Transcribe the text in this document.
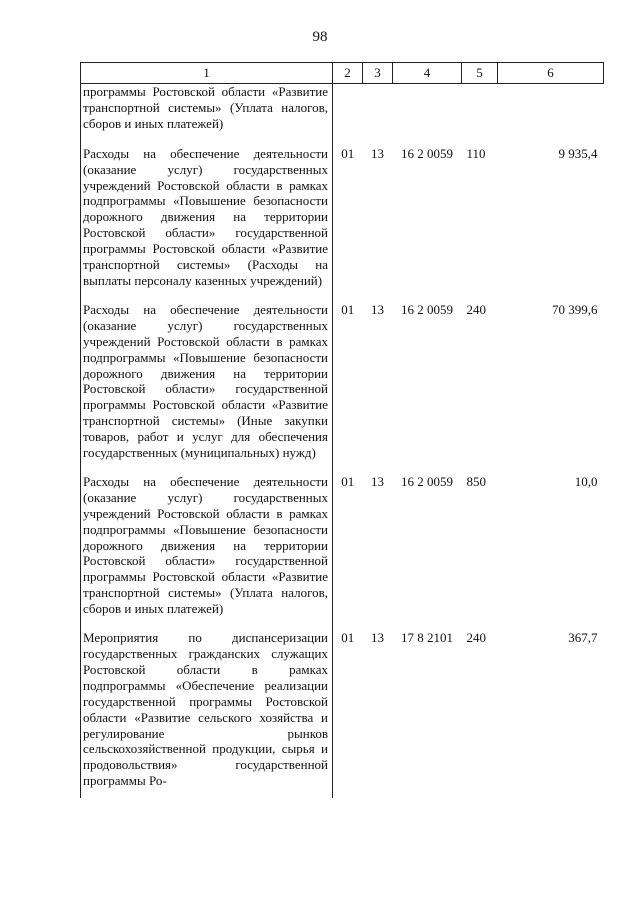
98
1	2	3	4	5	6
программы Ростовской области «Развитие транспортной системы» (Уплата налогов, сборов и иных платежей)					
Расходы на обеспечение деятельности (оказание услуг) государственных учреждений Ростовской области в рамках подпрограммы «Повышение безопасности дорожного движения на территории Ростовской области» государственной программы Ростовской области «Развитие транспортной системы» (Расходы на выплаты персоналу казенных учреждений)	01	13	16 2 0059	110	9 935,4
Расходы на обеспечение деятельности (оказание услуг) государственных учреждений Ростовской области в рамках подпрограммы «Повышение безопасности дорожного движения на территории Ростовской области» государственной программы Ростовской области «Развитие транспортной системы» (Иные закупки товаров, работ и услуг для обеспечения государственных (муниципальных) нужд)	01	13	16 2 0059	240	70 399,6
Расходы на обеспечение деятельности (оказание услуг) государственных учреждений Ростовской области в рамках подпрограммы «Повышение безопасности дорожного движения на территории Ростовской области» государственной программы Ростовской области «Развитие транспортной системы» (Уплата налогов, сборов и иных платежей)	01	13	16 2 0059	850	10,0
Мероприятия по диспансеризации государственных гражданских служащих Ростовской области в рамках подпрограммы «Обеспечение реализации государственной программы Ростовской области «Развитие сельского хозяйства и регулирование рынков сельскохозяйственной продукции, сырья и продовольствия» государственной программы Ро-	01	13	17 8 2101	240	367,7
